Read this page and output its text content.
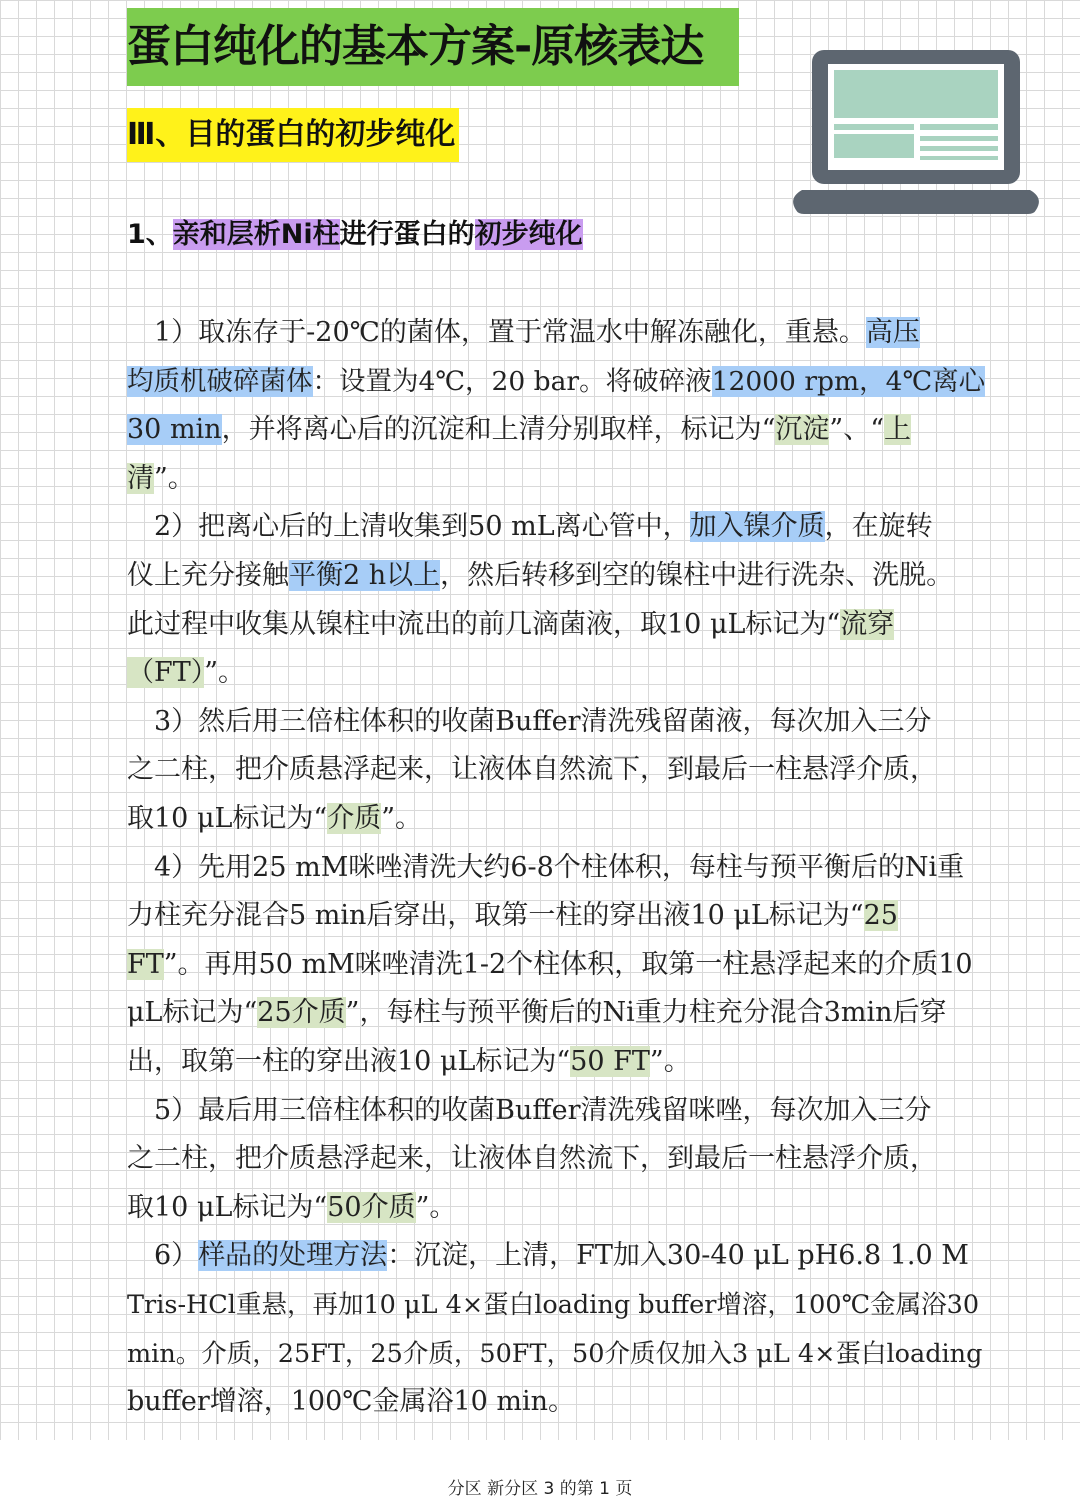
蛋白纯化的基本方案-原核表达
Ⅲ、目的蛋白的初步纯化
1、亲和层析Ni柱进行蛋白的初步纯化
　1）取冻存于-20℃的菌体，置于常温水中解冻融化，重悬。高压
均质机破碎菌体：设置为4℃，20 bar。将破碎液12000 rpm，4℃离心
30 min，并将离心后的沉淀和上清分别取样，标记为“沉淀”、“上
清”。
　2）把离心后的上清收集到50 mL离心管中，加入镍介质，在旋转
仪上充分接触平衡2 h以上，然后转移到空的镍柱中进行洗杂、洗脱。
此过程中收集从镍柱中流出的前几滴菌液，取10 μL标记为“流穿
（FT）”。
　3）然后用三倍柱体积的收菌Buffer清洗残留菌液，每次加入三分
之二柱，把介质悬浮起来，让液体自然流下，到最后一柱悬浮介质，
取10 μL标记为“介质”。
　4）先用25 mM咪唑清洗大约6-8个柱体积，每柱与预平衡后的Ni重
力柱充分混合5 min后穿出，取第一柱的穿出液10 μL标记为“25
FT”。再用50 mM咪唑清洗1-2个柱体积，取第一柱悬浮起来的介质10
μL标记为“25介质”，每柱与预平衡后的Ni重力柱充分混合3min后穿
出，取第一柱的穿出液10 μL标记为“50 FT”。
　5）最后用三倍柱体积的收菌Buffer清洗残留咪唑，每次加入三分
之二柱，把介质悬浮起来，让液体自然流下，到最后一柱悬浮介质，
取10 μL标记为“50介质”。
　6）样品的处理方法：沉淀，上清，FT加入30-40 μL pH6.8 1.0 M
Tris-HCl重悬，再加10 μL 4×蛋白loading buffer增溶，100℃金属浴30
min。介质，25FT，25介质，50FT，50介质仅加入3 μL 4×蛋白loading
buffer增溶，100℃金属浴10 min。
分区 新分区 3 的第 1 页
